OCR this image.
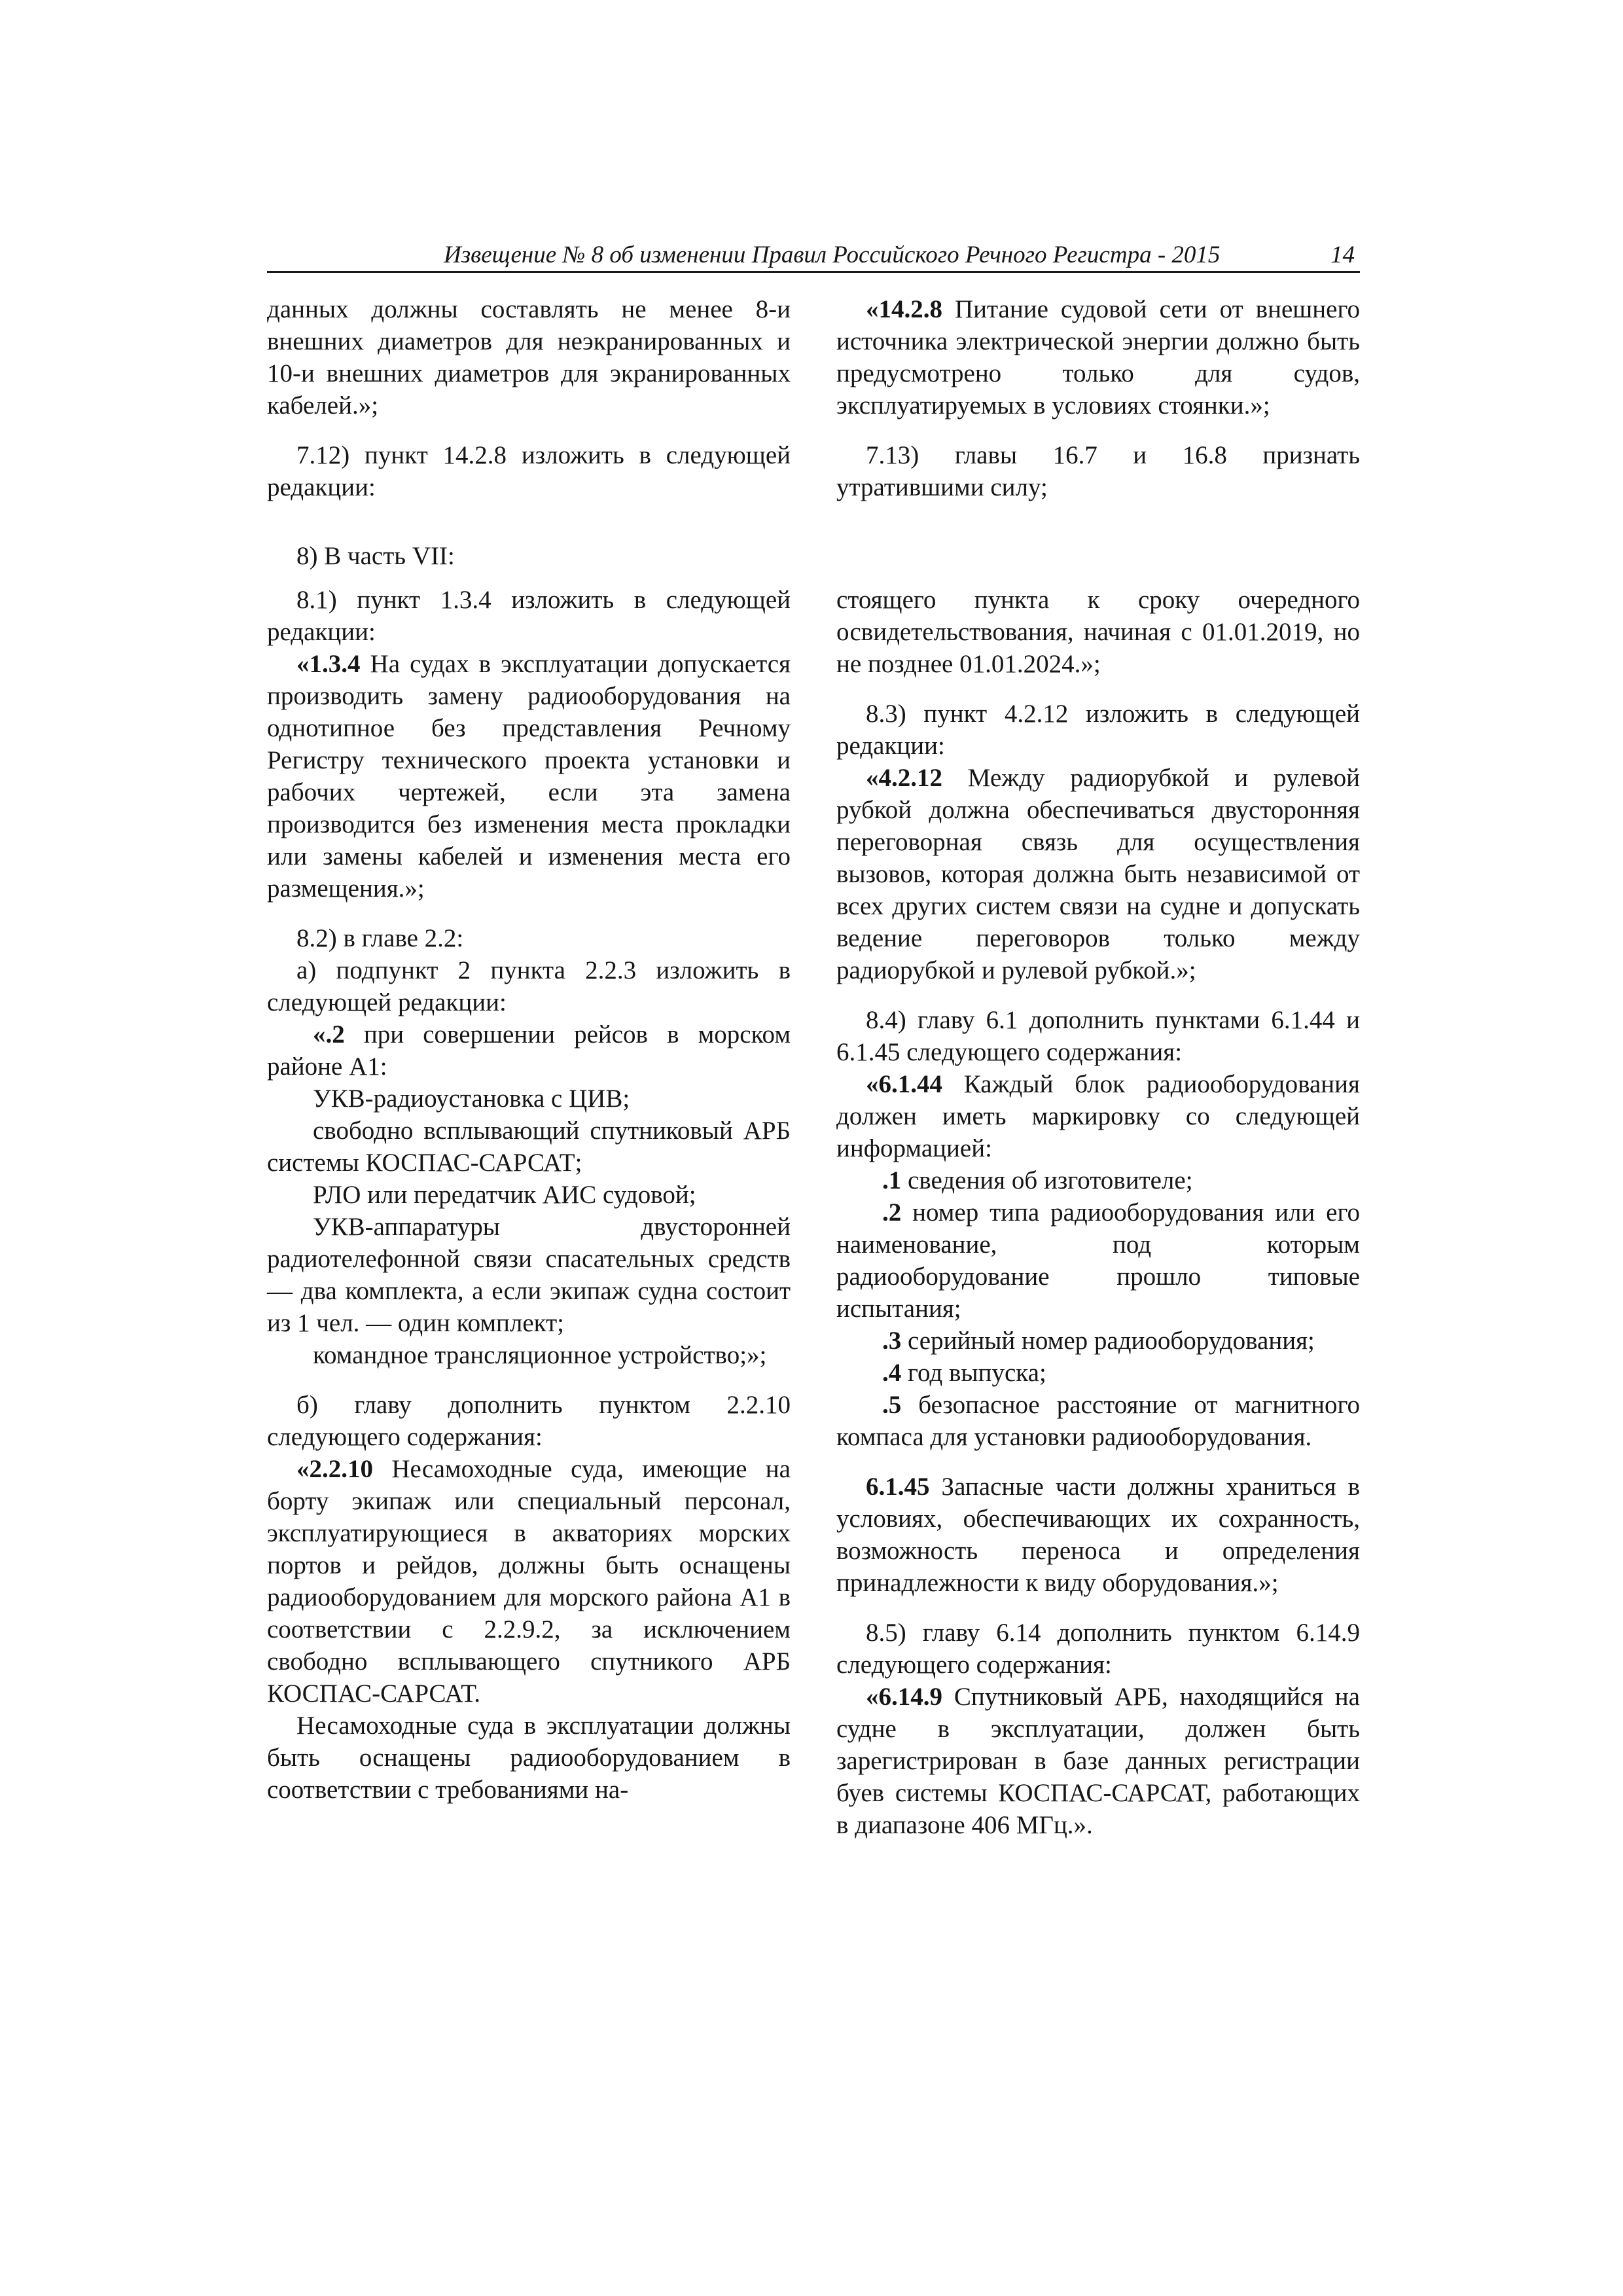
Извещение № 8 об изменении Правил Российского Речного Регистра - 2015	14

данных должны составлять не менее 8-и внешних диаметров для неэкранированных и 10-и внешних диаметров для экранированных кабелей.»;

7.12) пункт 14.2.8 изложить в следующей редакции:

«14.2.8 Питание судовой сети от внешнего источника электрической энергии должно быть предусмотрено только для судов, эксплуатируемых в условиях стоянки.»;

7.13) главы 16.7 и 16.8 признать утратившими силу;

8) В часть VII:

8.1) пункт 1.3.4 изложить в следующей редакции:

«1.3.4 На судах в эксплуатации допускается производить замену радиооборудования на однотипное без представления Речному Регистру технического проекта установки и рабочих чертежей, если эта замена производится без изменения места прокладки или замены кабелей и изменения места его размещения.»;

8.2) в главе 2.2:

а) подпункт 2 пункта 2.2.3 изложить в следующей редакции:

«.2 при совершении рейсов в морском районе А1:

УКВ-радиоустановка с ЦИВ;

свободно всплывающий спутниковый АРБ системы КОСПАС-САРСАТ;

РЛО или передатчик АИС судовой;

УКВ-аппаратуры двусторонней радиотелефонной связи спасательных средств — два комплекта, а если экипаж судна состоит из 1 чел. — один комплект;

командное трансляционное устройство;»;

б) главу дополнить пунктом 2.2.10 следующего содержания:

«2.2.10 Несамоходные суда, имеющие на борту экипаж или специальный персонал, эксплуатирующиеся в акваториях морских портов и рейдов, должны быть оснащены радиооборудованием для морского района А1 в соответствии с 2.2.9.2, за исключением свободно всплывающего спутникого АРБ КОСПАС-САРСАТ.

Несамоходные суда в эксплуатации должны быть оснащены радиооборудованием в соответствии с требованиями на-

стоящего пункта к сроку очередного освидетельствования, начиная с 01.01.2019, но не позднее 01.01.2024.»;

8.3) пункт 4.2.12 изложить в следующей редакции:

«4.2.12 Между радиорубкой и рулевой рубкой должна обеспечиваться двусторонняя переговорная связь для осуществления вызовов, которая должна быть независимой от всех других систем связи на судне и допускать ведение переговоров только между радиорубкой и рулевой рубкой.»;

8.4) главу 6.1 дополнить пунктами 6.1.44 и 6.1.45 следующего содержания:

«6.1.44 Каждый блок радиооборудования должен иметь маркировку со следующей информацией:

.1 сведения об изготовителе;

.2 номер типа радиооборудования или его наименование, под которым радиооборудование прошло типовые испытания;

.3 серийный номер радиооборудования;

.4 год выпуска;

.5 безопасное расстояние от магнитного компаса для установки радиооборудования.

6.1.45 Запасные части должны храниться в условиях, обеспечивающих их сохранность, возможность переноса и определения принадлежности к виду оборудования.»;

8.5) главу 6.14 дополнить пунктом 6.14.9 следующего содержания:

«6.14.9 Спутниковый АРБ, находящийся на судне в эксплуатации, должен быть зарегистрирован в базе данных регистрации буев системы КОСПАС-САРСАТ, работающих в диапазоне 406 МГц.».
